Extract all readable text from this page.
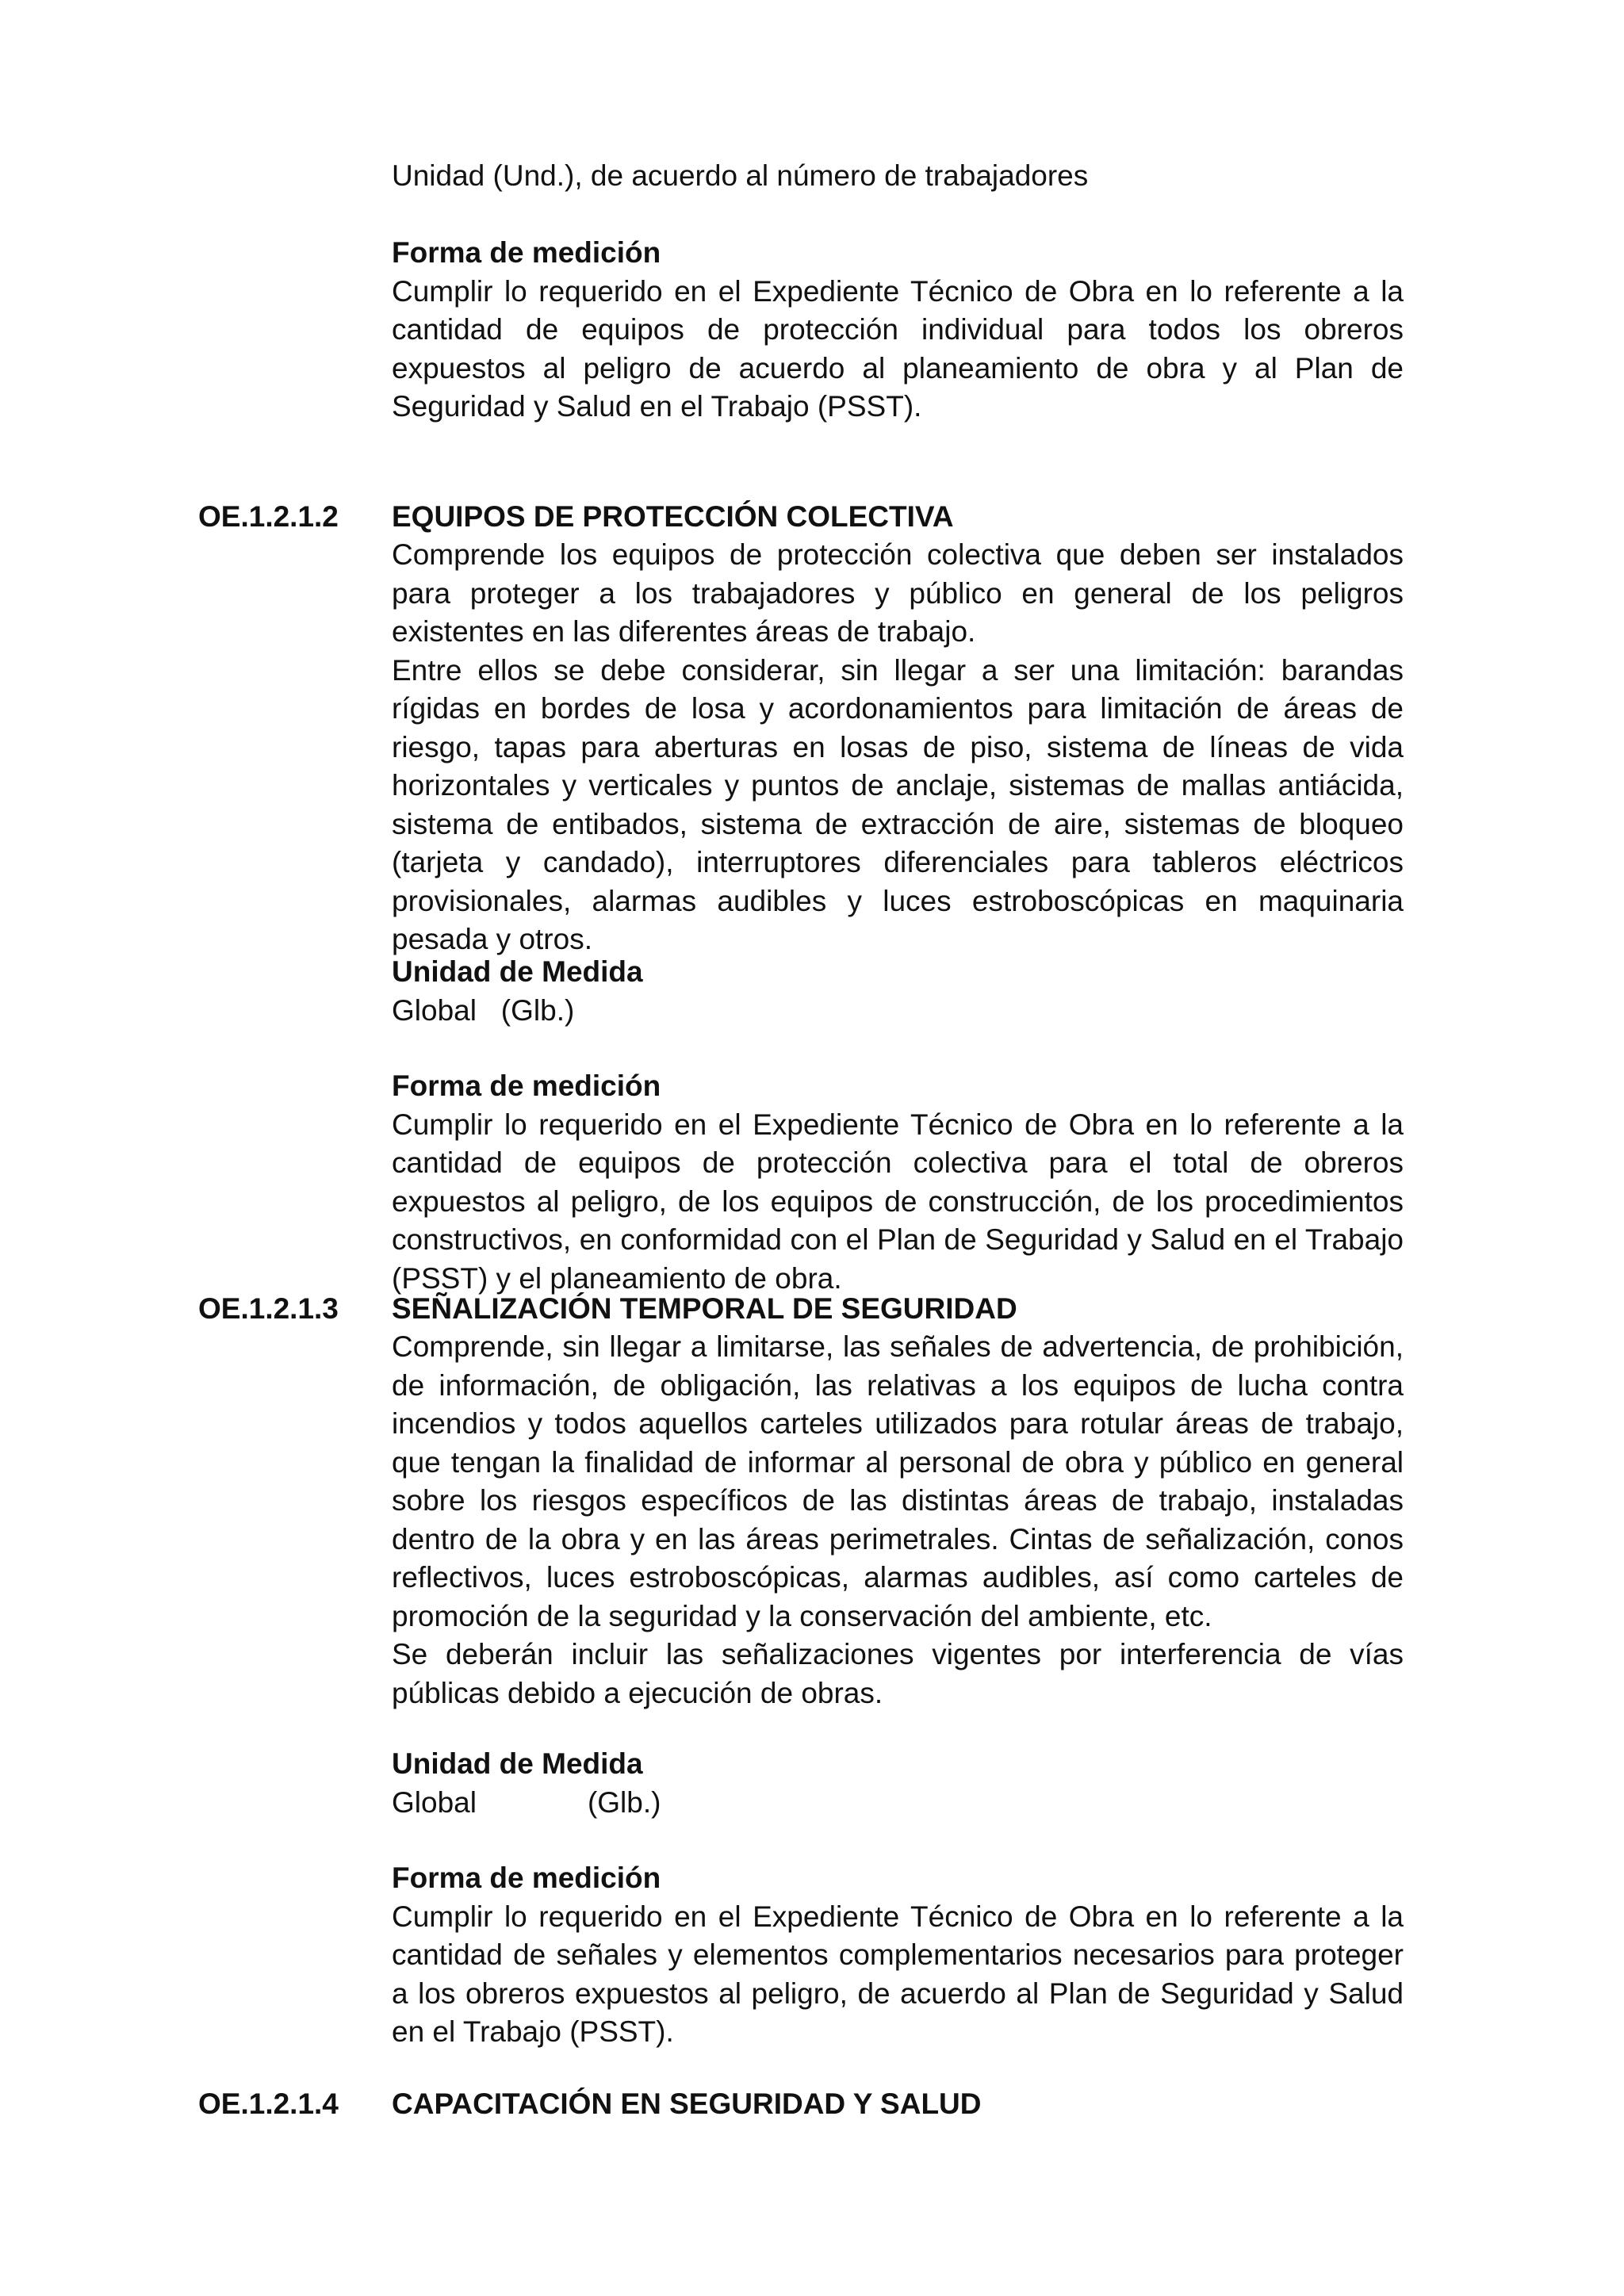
Unidad (Und.), de acuerdo al número de trabajadores

Forma de medición

Cumplir lo requerido en el Expediente Técnico de Obra en lo referente a la cantidad de equipos de protección individual para todos los obreros expuestos al peligro de acuerdo al planeamiento de obra y al Plan de Seguridad y Salud en el Trabajo (PSST).

OE.1.2.1.2 EQUIPOS DE PROTECCIÓN COLECTIVA

Comprende los equipos de protección colectiva que deben ser instalados para proteger a los trabajadores y público en general de los peligros existentes en las diferentes áreas de trabajo.

Entre ellos se debe considerar, sin llegar a ser una limitación: barandas rígidas en bordes de losa y acordonamientos para limitación de áreas de riesgo, tapas para aberturas en losas de piso, sistema de líneas de vida horizontales y verticales y puntos de anclaje, sistemas de mallas antiácida, sistema de entibados, sistema de extracción de aire, sistemas de bloqueo (tarjeta y candado), interruptores diferenciales para tableros eléctricos provisionales, alarmas audibles y luces estroboscópicas en maquinaria pesada y otros.

Unidad de Medida

Global (Glb.)

Forma de medición

Cumplir lo requerido en el Expediente Técnico de Obra en lo referente a la cantidad de equipos de protección colectiva para el total de obreros expuestos al peligro, de los equipos de construcción, de los procedimientos constructivos, en conformidad con el Plan de Seguridad y Salud en el Trabajo (PSST) y el planeamiento de obra.

OE.1.2.1.3 SEÑALIZACIÓN TEMPORAL DE SEGURIDAD

Comprende, sin llegar a limitarse, las señales de advertencia, de prohibición, de información, de obligación, las relativas a los equipos de lucha contra incendios y todos aquellos carteles utilizados para rotular áreas de trabajo, que tengan la finalidad de informar al personal de obra y público en general sobre los riesgos específicos de las distintas áreas de trabajo, instaladas dentro de la obra y en las áreas perimetrales. Cintas de señalización, conos reflectivos, luces estroboscópicas, alarmas audibles, así como carteles de promoción de la seguridad y la conservación del ambiente, etc.

Se deberán incluir las señalizaciones vigentes por interferencia de vías públicas debido a ejecución de obras.

Unidad de Medida

Global	(Glb.)

Forma de medición

Cumplir lo requerido en el Expediente Técnico de Obra en lo referente a la cantidad de señales y elementos complementarios necesarios para proteger a los obreros expuestos al peligro, de acuerdo al Plan de Seguridad y Salud en el Trabajo (PSST).

OE.1.2.1.4 CAPACITACIÓN EN SEGURIDAD Y SALUD
